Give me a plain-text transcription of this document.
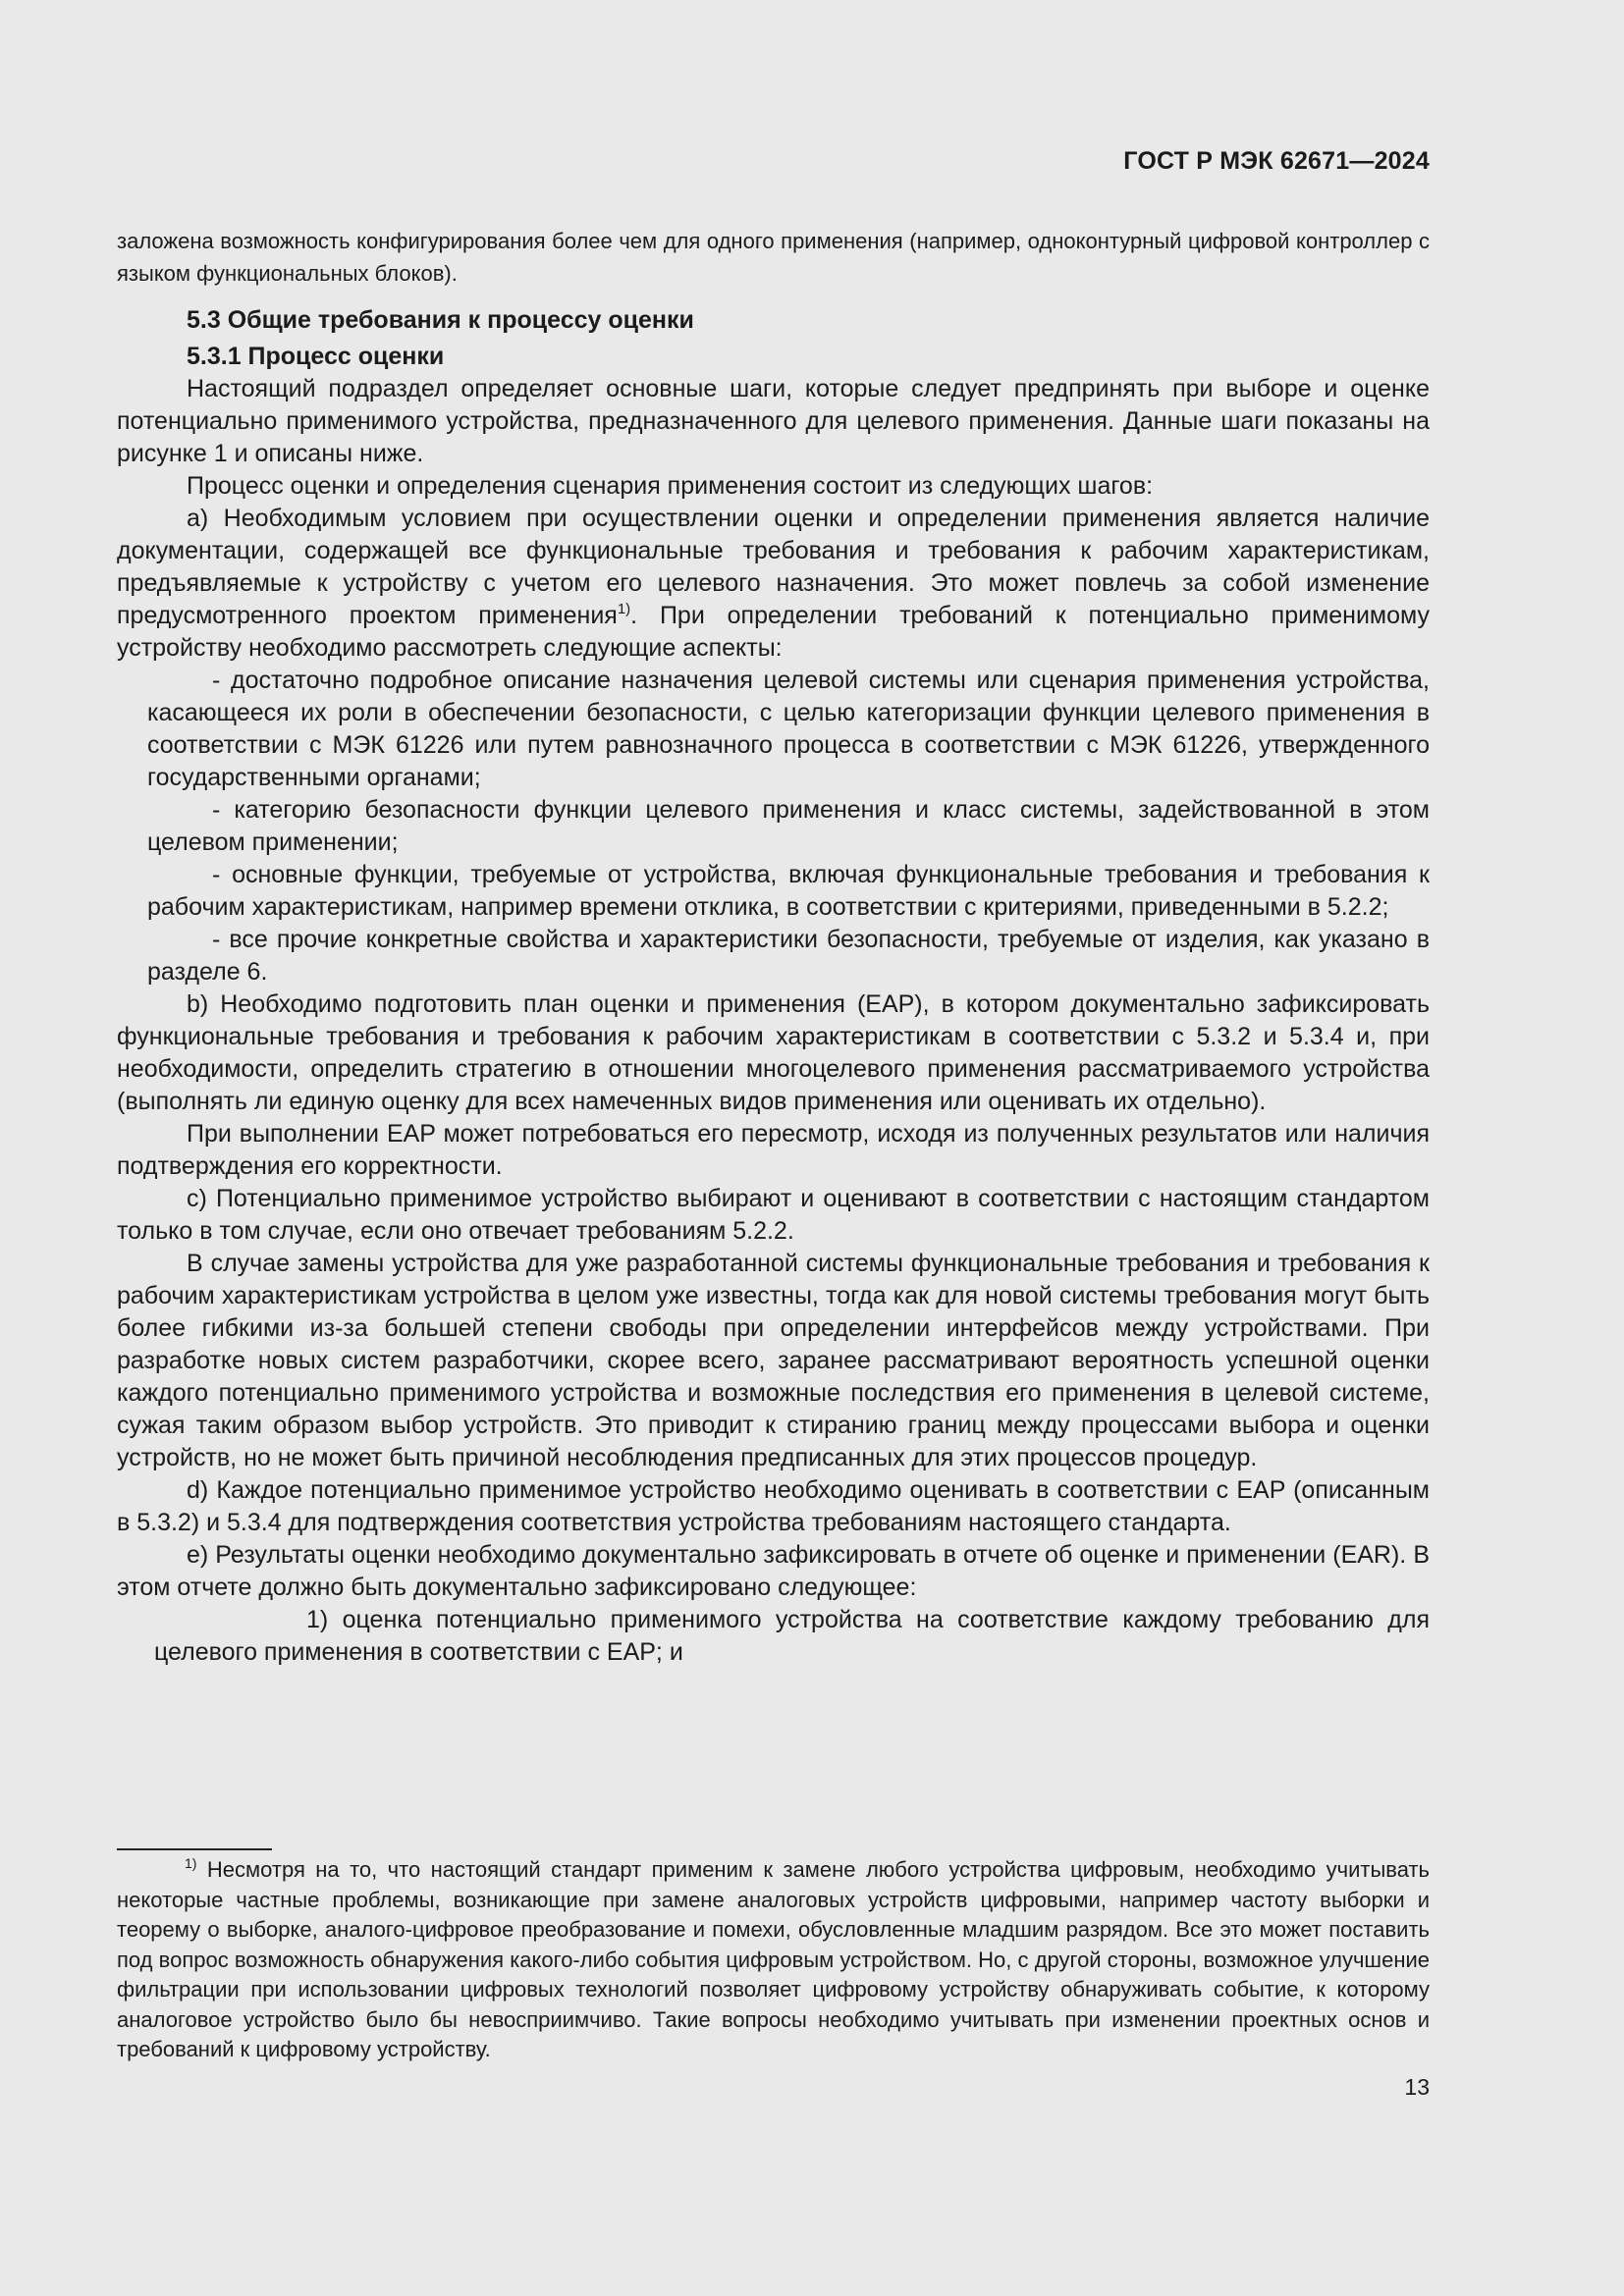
ГОСТ Р МЭК 62671—2024
заложена возможность конфигурирования более чем для одного применения (например, одноконтурный цифровой контроллер с языком функциональных блоков).

5.3 Общие требования к процессу оценки

5.3.1 Процесс оценки

Настоящий подраздел определяет основные шаги, которые следует предпринять при выборе и оценке потенциально применимого устройства, предназначенного для целевого применения. Данные шаги показаны на рисунке 1 и описаны ниже.

Процесс оценки и определения сценария применения состоит из следующих шагов:

a) Необходимым условием при осуществлении оценки и определении применения является наличие документации, содержащей все функциональные требования и требования к рабочим характеристикам, предъявляемые к устройству с учетом его целевого назначения. Это может повлечь за собой изменение предусмотренного проектом применения$^{1)}$. При определении требований к потенциально применимому устройству необходимо рассмотреть следующие аспекты:

- достаточно подробное описание назначения целевой системы или сценария применения устройства, касающееся их роли в обеспечении безопасности, с целью категоризации функции целевого применения в соответствии с МЭК 61226 или путем равнозначного процесса в соответствии с МЭК 61226, утвержденного государственными органами;

- категорию безопасности функции целевого применения и класс системы, задействованной в этом целевом применении;

- основные функции, требуемые от устройства, включая функциональные требования и требования к рабочим характеристикам, например времени отклика, в соответствии с критериями, приведенными в 5.2.2;

- все прочие конкретные свойства и характеристики безопасности, требуемые от изделия, как указано в разделе 6.

b) Необходимо подготовить план оценки и применения (EAP), в котором документально зафиксировать функциональные требования и требования к рабочим характеристикам в соответствии с 5.3.2 и 5.3.4 и, при необходимости, определить стратегию в отношении многоцелевого применения рассматриваемого устройства (выполнять ли единую оценку для всех намеченных видов применения или оценивать их отдельно).

При выполнении EAP может потребоваться его пересмотр, исходя из полученных результатов или наличия подтверждения его корректности.

c) Потенциально применимое устройство выбирают и оценивают в соответствии с настоящим стандартом только в том случае, если оно отвечает требованиям 5.2.2.

В случае замены устройства для уже разработанной системы функциональные требования и требования к рабочим характеристикам устройства в целом уже известны, тогда как для новой системы требования могут быть более гибкими из-за большей степени свободы при определении интерфейсов между устройствами. При разработке новых систем разработчики, скорее всего, заранее рассматривают вероятность успешной оценки каждого потенциально применимого устройства и возможные последствия его применения в целевой системе, сужая таким образом выбор устройств. Это приводит к стиранию границ между процессами выбора и оценки устройств, но не может быть причиной несоблюдения предписанных для этих процессов процедур.

d) Каждое потенциально применимое устройство необходимо оценивать в соответствии с EAP (описанным в 5.3.2) и 5.3.4 для подтверждения соответствия устройства требованиям настоящего стандарта.

e) Результаты оценки необходимо документально зафиксировать в отчете об оценке и применении (EAR). В этом отчете должно быть документально зафиксировано следующее:

1) оценка потенциально применимого устройства на соответствие каждому требованию для целевого применения в соответствии с EAP; и

$^{1)}$ Несмотря на то, что настоящий стандарт применим к замене любого устройства цифровым, необходимо учитывать некоторые частные проблемы, возникающие при замене аналоговых устройств цифровыми, например частоту выборки и теорему о выборке, аналого-цифровое преобразование и помехи, обусловленные младшим разрядом. Все это может поставить под вопрос возможность обнаружения какого-либо события цифровым устройством. Но, с другой стороны, возможное улучшение фильтрации при использовании цифровых технологий позволяет цифровому устройству обнаруживать событие, к которому аналоговое устройство было бы невосприимчиво. Такие вопросы необходимо учитывать при изменении проектных основ и требований к цифровому устройству.

13
